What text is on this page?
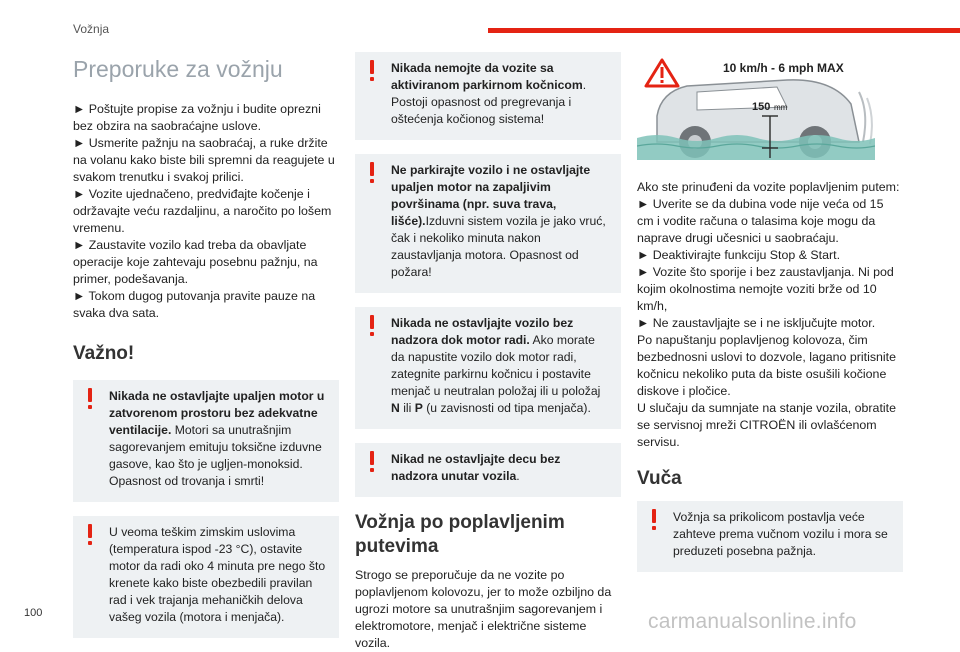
Vožnja
Preporuke za vožnju

► Poštujte propise za vožnju i budite oprezni bez obzira na saobraćajne uslove.

► Usmerite pažnju na saobraćaj, a ruke držite na volanu kako biste bili spremni da reagujete u svakom trenutku i svakoj prilici.

► Vozite ujednačeno, predviđajte kočenje i održavajte veću razdaljinu, a naročito po lošem vremenu.

► Zaustavite vozilo kad treba da obavljate operacije koje zahtevaju posebnu pažnju, na primer, podešavanja.

► Tokom dugog putovanja pravite pauze na svaka dva sata.

Važno!

Nikada ne ostavljajte upaljen motor u zatvorenom prostoru bez adekvatne ventilacije. Motori sa unutrašnjim sagorevanjem emituju toksične izduvne gasove, kao što je ugljen-monoksid. Opasnost od trovanja i smrti!

U veoma teškim zimskim uslovima (temperatura ispod -23 °C), ostavite motor da radi oko 4 minuta pre nego što krenete kako biste obezbedili pravilan rad i vek trajanja mehaničkih delova vašeg vozila (motora i menjača).

Nikada nemojte da vozite sa aktiviranom parkirnom kočnicom. Postoji opasnost od pregrevanja i oštećenja kočionog sistema!

Ne parkirajte vozilo i ne ostavljajte upaljen motor na zapaljivim površinama (npr. suva trava, lišće).Izduvni sistem vozila je jako vruć, čak i nekoliko minuta nakon zaustavljanja motora. Opasnost od požara!

Nikada ne ostavljajte vozilo bez nadzora dok motor radi. Ako morate da napustite vozilo dok motor radi, zategnite parkirnu kočnicu i postavite menjač u neutralan položaj ili u položaj N ili P (u zavisnosti od tipa menjača).

Nikad ne ostavljajte decu bez nadzora unutar vozila.

Vožnja po poplavljenim putevima

Strogo se preporučuje da ne vozite po poplavljenom kolovozu, jer to može ozbiljno da ugrozi motore sa unutrašnjim sagorevanjem i elektromotore, menjač i električne sisteme vozila.

10 km/h - 6 mph MAX
150 mm

Ako ste prinuđeni da vozite poplavljenim putem:

► Uverite se da dubina vode nije veća od 15 cm i vodite računa o talasima koje mogu da naprave drugi učesnici u saobraćaju.

► Deaktivirajte funkciju Stop & Start.

► Vozite što sporije i bez zaustavljanja. Ni pod kojim okolnostima nemojte voziti brže od 10 km/h,

► Ne zaustavljajte se i ne isključujte motor.

Po napuštanju poplavljenog kolovoza, čim bezbednosni uslovi to dozvole, lagano pritisnite kočnicu nekoliko puta da biste osušili kočione diskove i pločice.

U slučaju da sumnjate na stanje vozila, obratite se servisnoj mreži CITROËN ili ovlašćenom servisu.

Vuča

Vožnja sa prikolicom postavlja veće zahteve prema vučnom vozilu i mora se preduzeti posebna pažnja.

100	carmanualsonline.info
